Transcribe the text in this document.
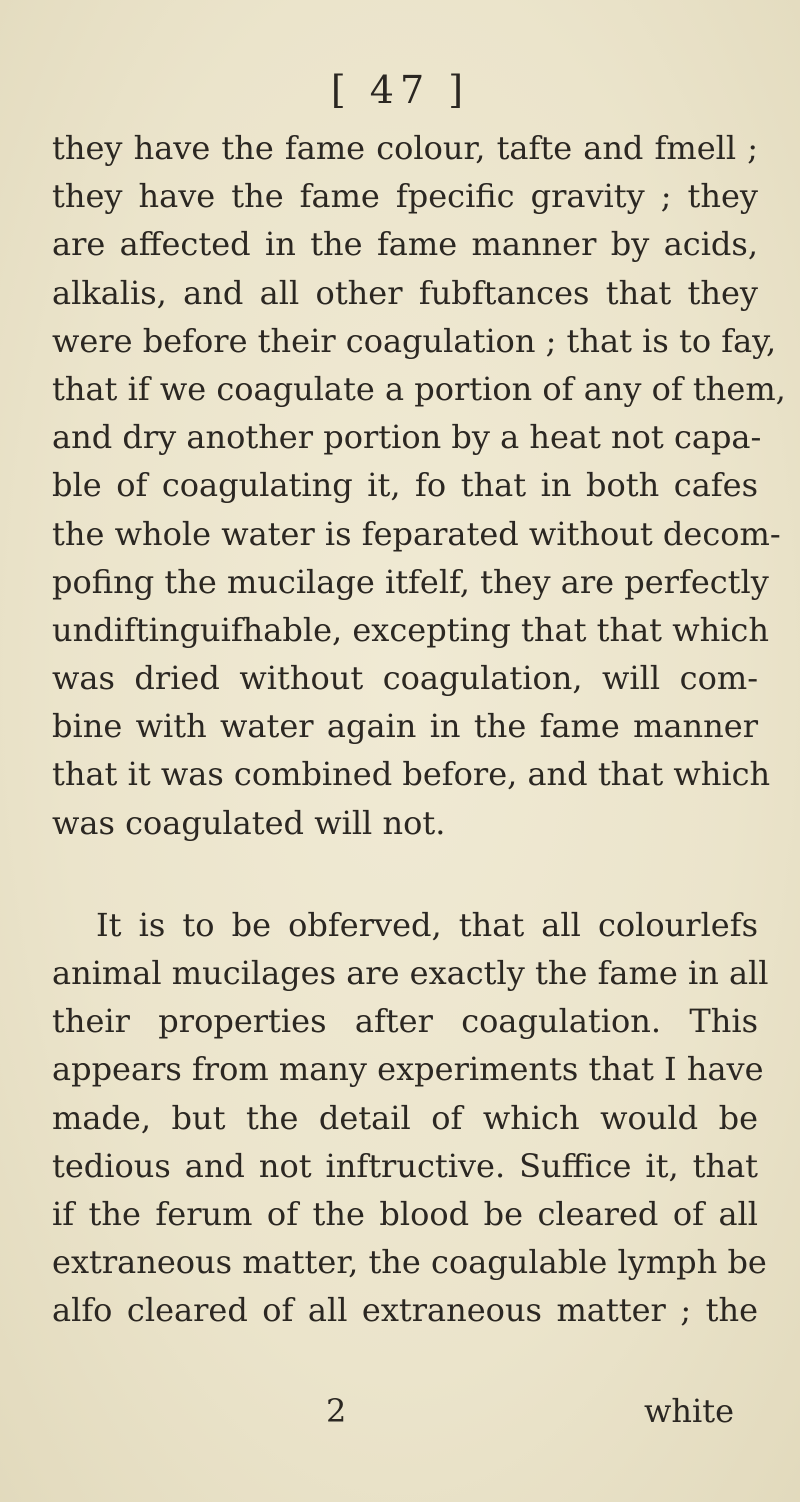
[ 47 ]
they have the fame colour, tafte and fmell ;
they have the fame fpecific gravity ; they
are affected in the fame manner by acids,
alkalis, and all other fubftances that they
were before their coagulation ; that is to fay,
that if we coagulate a portion of any of them,
and dry another portion by a heat not capa-
ble of coagulating it, fo that in both cafes
the whole water is feparated without decom-
pofing the mucilage itfelf, they are perfectly
undiftinguifhable, excepting that that which
was dried without coagulation, will com-
bine with water again in the fame manner
that it was combined before, and that which
was coagulated will not.
It is to be obferved, that all colourlefs
animal mucilages are exactly the fame in all
their properties after coagulation. This
appears from many experiments that I have
made, but the detail of which would be
tedious and not inftructive. Suffice it, that
if the ferum of the blood be cleared of all
extraneous matter, the coagulable lymph be
alfo cleared of all extraneous matter ; the
2	white
